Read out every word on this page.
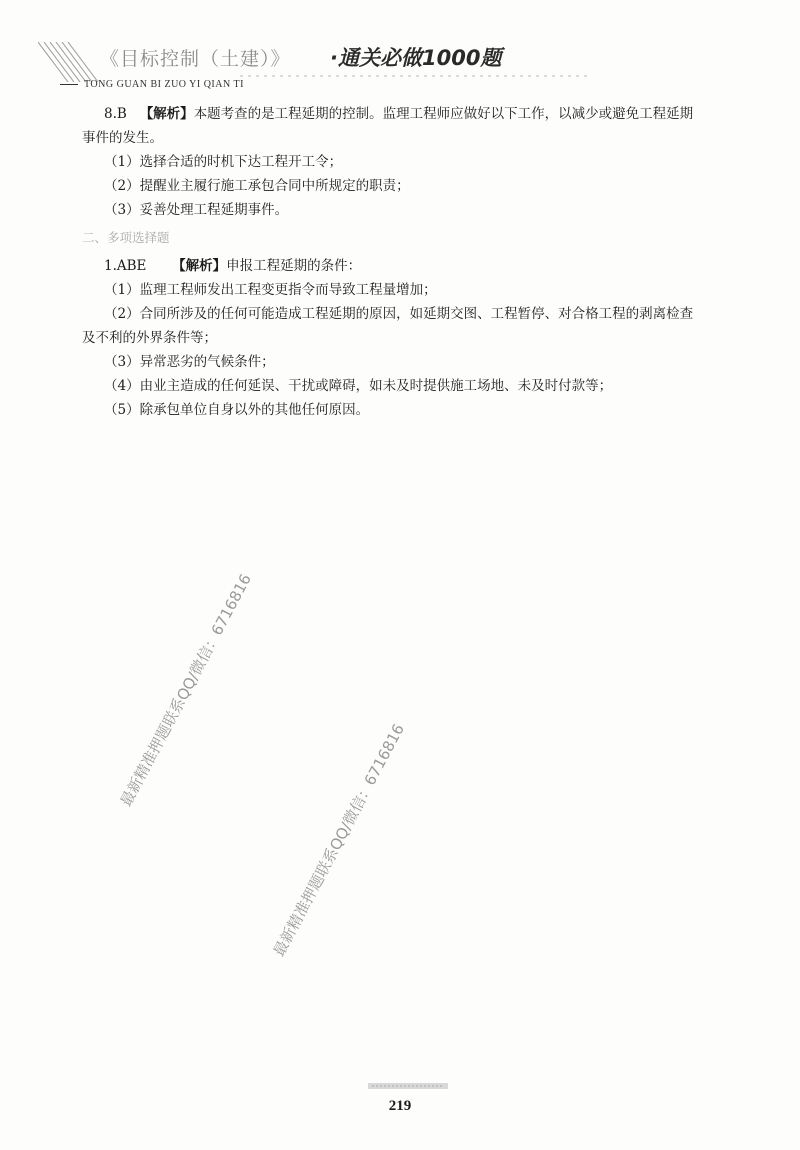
《目标控制（土建）》 ·通关必做1000题
TONG GUAN BI ZUO YI QIAN TI

8.B 【解析】本题考查的是工程延期的控制。监理工程师应做好以下工作，以减少或避免工程延期

事件的发生。

（1）选择合适的时机下达工程开工令；

（2）提醒业主履行施工承包合同中所规定的职责；

（3）妥善处理工程延期事件。

二、多项选择题

1.ABE 【解析】申报工程延期的条件：

（1）监理工程师发出工程变更指令而导致工程量增加；

（2）合同所涉及的任何可能造成工程延期的原因，如延期交图、工程暂停、对合格工程的剥离检查

及不利的外界条件等；

（3）异常恶劣的气候条件；

（4）由业主造成的任何延误、干扰或障碍，如未及时提供施工场地、未及时付款等；

（5）除承包单位自身以外的其他任何原因。

最新精准押题联系QQ/微信：6716816
最新精准押题联系QQ/微信：6716816
219
